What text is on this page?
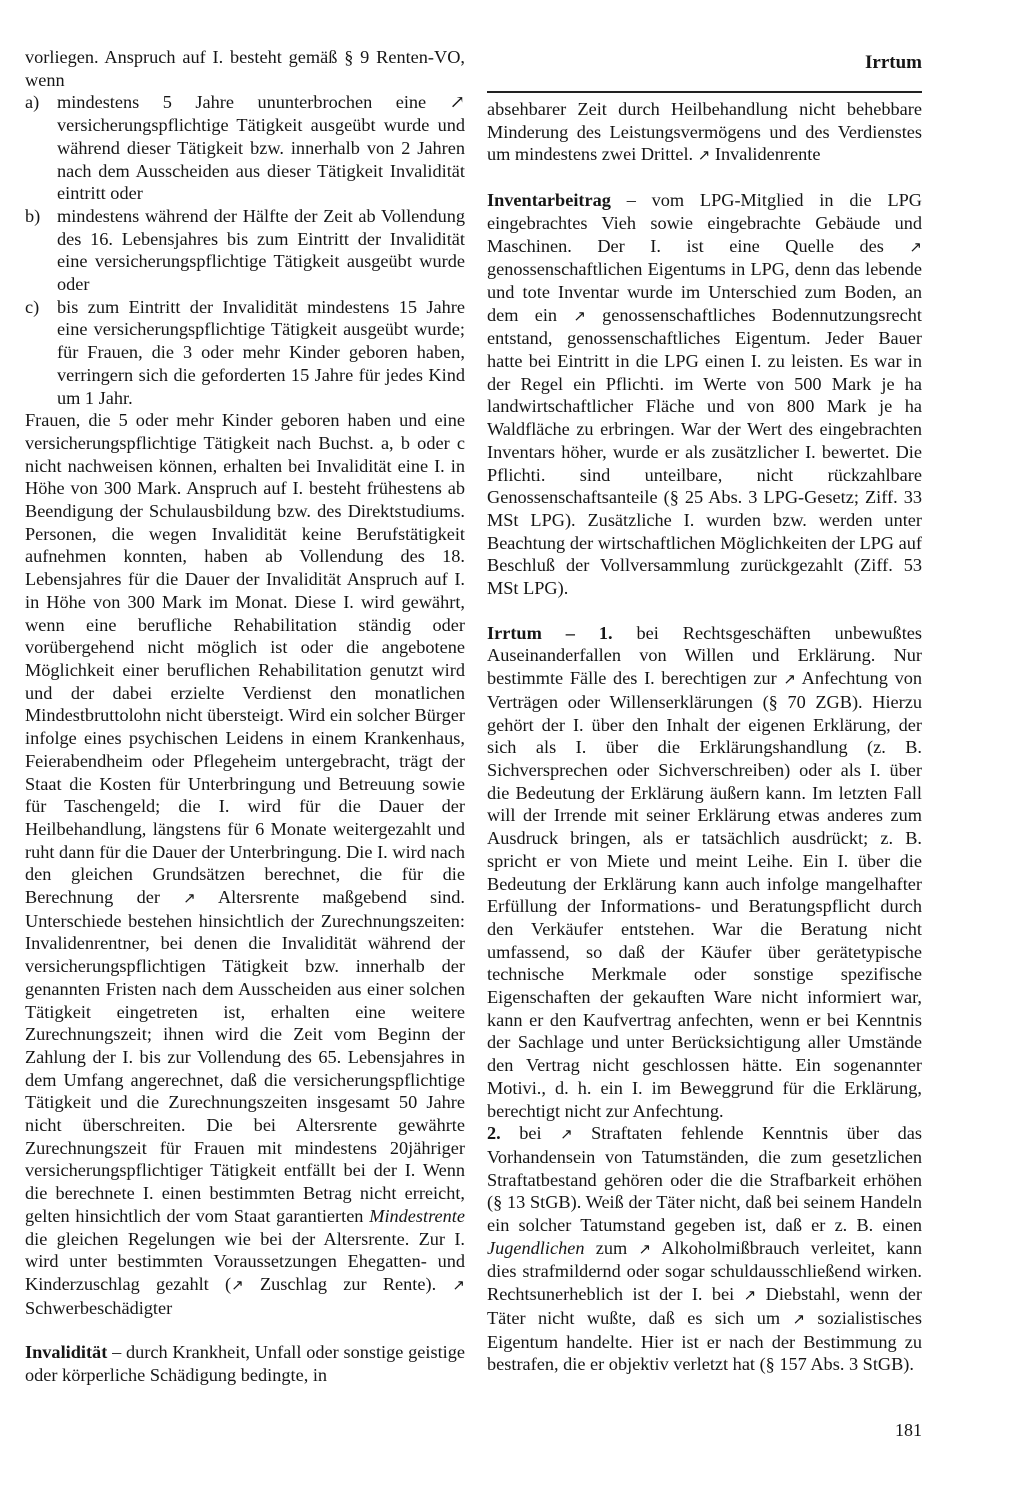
Irrtum

vorliegen. Anspruch auf I. besteht gemäß § 9 Renten-VO, wenn

a) mindestens 5 Jahre ununterbrochen eine ↗ versicherungspflichtige Tätigkeit ausgeübt wurde und während dieser Tätigkeit bzw. innerhalb von 2 Jahren nach dem Ausscheiden aus dieser Tätigkeit Invalidität eintritt oder
b) mindestens während der Hälfte der Zeit ab Vollendung des 16. Lebensjahres bis zum Eintritt der Invalidität eine versicherungspflichtige Tätigkeit ausgeübt wurde oder
c) bis zum Eintritt der Invalidität mindestens 15 Jahre eine versicherungspflichtige Tätigkeit ausgeübt wurde; für Frauen, die 3 oder mehr Kinder geboren haben, verringern sich die geforderten 15 Jahre für jedes Kind um 1 Jahr.

Frauen, die 5 oder mehr Kinder geboren haben und eine versicherungspflichtige Tätigkeit nach Buchst. a, b oder c nicht nachweisen können, erhalten bei Invalidität eine I. in Höhe von 300 Mark. Anspruch auf I. besteht frühestens ab Beendigung der Schulausbildung bzw. des Direktstudiums. Personen, die wegen Invalidität keine Berufstätigkeit aufnehmen konnten, haben ab Vollendung des 18. Lebensjahres für die Dauer der Invalidität Anspruch auf I. in Höhe von 300 Mark im Monat. Diese I. wird gewährt, wenn eine berufliche Rehabilitation ständig oder vorübergehend nicht möglich ist oder die angebotene Möglichkeit einer beruflichen Rehabilitation genutzt wird und der dabei erzielte Verdienst den monatlichen Mindestbruttolohn nicht übersteigt. Wird ein solcher Bürger infolge eines psychischen Leidens in einem Krankenhaus, Feierabendheim oder Pflegeheim untergebracht, trägt der Staat die Kosten für Unterbringung und Betreuung sowie für Taschengeld; die I. wird für die Dauer der Heilbehandlung, längstens für 6 Monate weitergezahlt und ruht dann für die Dauer der Unterbringung. Die I. wird nach den gleichen Grundsätzen berechnet, die für die Berechnung der ↗ Altersrente maßgebend sind. Unterschiede bestehen hinsichtlich der Zurechnungszeiten: Invalidenrentner, bei denen die Invalidität während der versicherungspflichtigen Tätigkeit bzw. innerhalb der genannten Fristen nach dem Ausscheiden aus einer solchen Tätigkeit eingetreten ist, erhalten eine weitere Zurechnungszeit; ihnen wird die Zeit vom Beginn der Zahlung der I. bis zur Vollendung des 65. Lebensjahres in dem Umfang angerechnet, daß die versicherungspflichtige Tätigkeit und die Zurechnungszeiten insgesamt 50 Jahre nicht überschreiten. Die bei Altersrente gewährte Zurechnungszeit für Frauen mit mindestens 20jähriger versicherungspflichtiger Tätigkeit entfällt bei der I. Wenn die berechnete I. einen bestimmten Betrag nicht erreicht, gelten hinsichtlich der vom Staat garantierten Mindestrente die gleichen Regelungen wie bei der Altersrente. Zur I. wird unter bestimmten Voraussetzungen Ehegatten- und Kinderzuschlag gezahlt (↗ Zuschlag zur Rente). ↗ Schwerbeschädigter

Invalidität – durch Krankheit, Unfall oder sonstige geistige oder körperliche Schädigung bedingte, in

absehbarer Zeit durch Heilbehandlung nicht behebbare Minderung des Leistungsvermögens und des Verdienstes um mindestens zwei Drittel. ↗ Invalidenrente

Inventarbeitrag – vom LPG-Mitglied in die LPG eingebrachtes Vieh sowie eingebrachte Gebäude und Maschinen. Der I. ist eine Quelle des ↗ genossenschaftlichen Eigentums in LPG, denn das lebende und tote Inventar wurde im Unterschied zum Boden, an dem ein ↗ genossenschaftliches Bodennutzungsrecht entstand, genossenschaftliches Eigentum. Jeder Bauer hatte bei Eintritt in die LPG einen I. zu leisten. Es war in der Regel ein Pflichti. im Werte von 500 Mark je ha landwirtschaftlicher Fläche und von 800 Mark je ha Waldfläche zu erbringen. War der Wert des eingebrachten Inventars höher, wurde er als zusätzlicher I. bewertet. Die Pflichti. sind unteilbare, nicht rückzahlbare Genossenschaftsanteile (§ 25 Abs. 3 LPG-Gesetz; Ziff. 33 MSt LPG). Zusätzliche I. wurden bzw. werden unter Beachtung der wirtschaftlichen Möglichkeiten der LPG auf Beschluß der Vollversammlung zurückgezahlt (Ziff. 53 MSt LPG).

Irrtum – 1. bei Rechtsgeschäften unbewußtes Auseinanderfallen von Willen und Erklärung. Nur bestimmte Fälle des I. berechtigen zur ↗ Anfechtung von Verträgen oder Willenserklärungen (§ 70 ZGB). Hierzu gehört der I. über den Inhalt der eigenen Erklärung, der sich als I. über die Erklärungshandlung (z. B. Sichversprechen oder Sichverschreiben) oder als I. über die Bedeutung der Erklärung äußern kann. Im letzten Fall will der Irrende mit seiner Erklärung etwas anderes zum Ausdruck bringen, als er tatsächlich ausdrückt; z. B. spricht er von Miete und meint Leihe. Ein I. über die Bedeutung der Erklärung kann auch infolge mangelhafter Erfüllung der Informations- und Beratungspflicht durch den Verkäufer entstehen. War die Beratung nicht umfassend, so daß der Käufer über gerätetypische technische Merkmale oder sonstige spezifische Eigenschaften der gekauften Ware nicht informiert war, kann er den Kaufvertrag anfechten, wenn er bei Kenntnis der Sachlage und unter Berücksichtigung aller Umstände den Vertrag nicht geschlossen hätte. Ein sogenannter Motivi., d. h. ein I. im Beweggrund für die Erklärung, berechtigt nicht zur Anfechtung.

2. bei ↗ Straftaten fehlende Kenntnis über das Vorhandensein von Tatumständen, die zum gesetzlichen Straftatbestand gehören oder die die Strafbarkeit erhöhen (§ 13 StGB). Weiß der Täter nicht, daß bei seinem Handeln ein solcher Tatumstand gegeben ist, daß er z. B. einen Jugendlichen zum ↗ Alkoholmißbrauch verleitet, kann dies strafmildernd oder sogar schuldausschließend wirken. Rechtsunerheblich ist der I. bei ↗ Diebstahl, wenn der Täter nicht wußte, daß es sich um ↗ sozialistisches Eigentum handelte. Hier ist er nach der Bestimmung zu bestrafen, die er objektiv verletzt hat (§ 157 Abs. 3 StGB).

181
